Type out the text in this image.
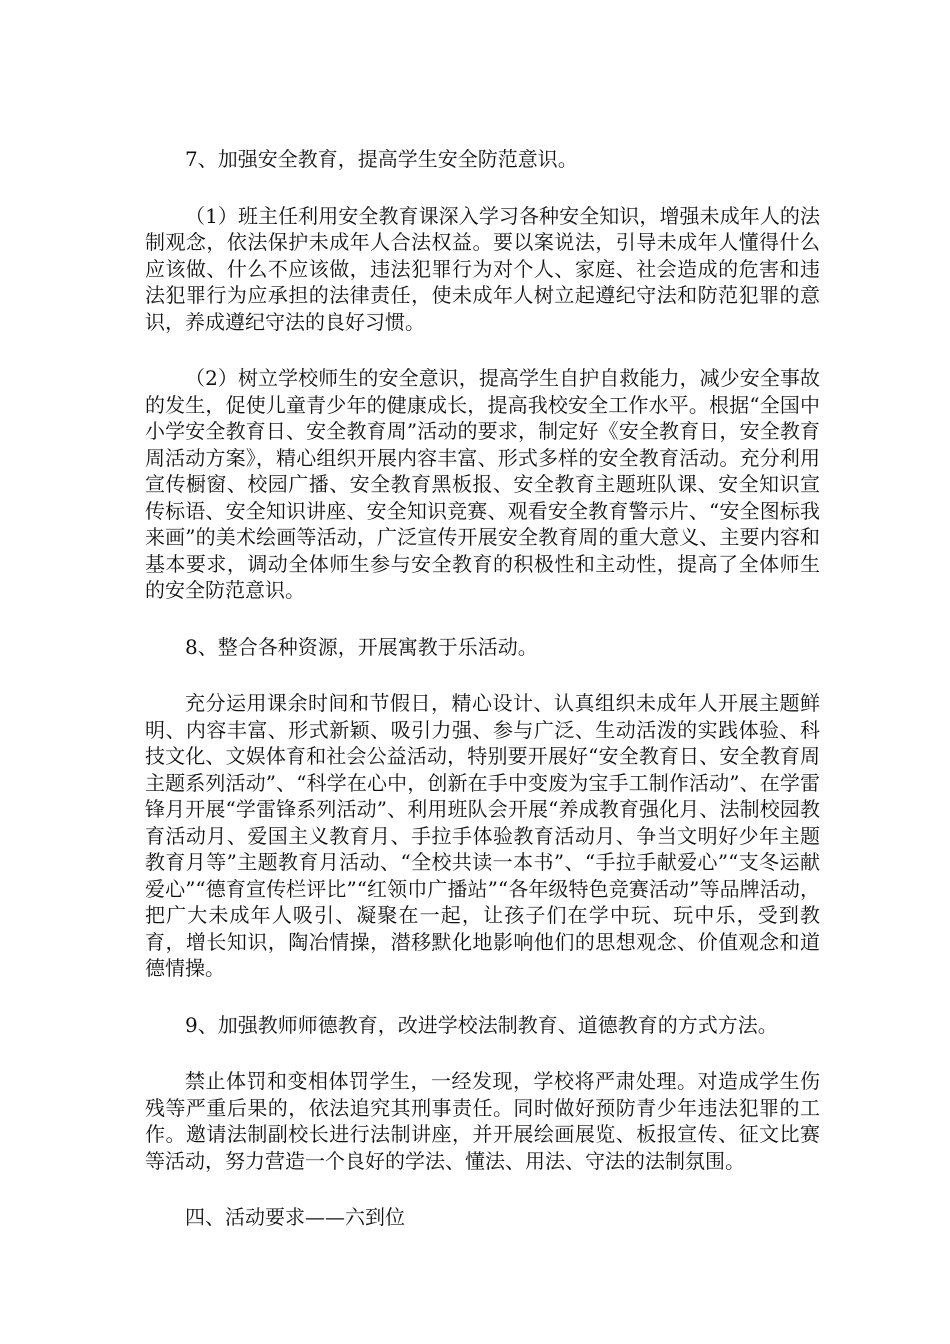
7、加强安全教育，提高学生安全防范意识。

（1）班主任利用安全教育课深入学习各种安全知识，增强未成年人的法制观念，依法保护未成年人合法权益。要以案说法，引导未成年人懂得什么应该做、什么不应该做，违法犯罪行为对个人、家庭、社会造成的危害和违法犯罪行为应承担的法律责任，使未成年人树立起遵纪守法和防范犯罪的意识，养成遵纪守法的良好习惯。

（2）树立学校师生的安全意识，提高学生自护自救能力，减少安全事故的发生，促使儿童青少年的健康成长，提高我校安全工作水平。根据“全国中小学安全教育日、安全教育周”活动的要求，制定好《安全教育日，安全教育周活动方案》，精心组织开展内容丰富、形式多样的安全教育活动。充分利用宣传橱窗、校园广播、安全教育黑板报、安全教育主题班队课、安全知识宣传标语、安全知识讲座、安全知识竞赛、观看安全教育警示片、“安全图标我来画”的美术绘画等活动，广泛宣传开展安全教育周的重大意义、主要内容和基本要求，调动全体师生参与安全教育的积极性和主动性，提高了全体师生的安全防范意识。

8、整合各种资源，开展寓教于乐活动。

充分运用课余时间和节假日，精心设计、认真组织未成年人开展主题鲜明、内容丰富、形式新颖、吸引力强、参与广泛、生动活泼的实践体验、科技文化、文娱体育和社会公益活动，特别要开展好“安全教育日、安全教育周主题系列活动”、“科学在心中，创新在手中变废为宝手工制作活动”、在学雷锋月开展“学雷锋系列活动”、利用班队会开展“养成教育强化月、法制校园教育活动月、爱国主义教育月、手拉手体验教育活动月、争当文明好少年主题教育月等”主题教育月活动、“全校共读一本书”、“手拉手献爱心”“支冬运献爱心”“德育宣传栏评比”“红领巾广播站”“各年级特色竞赛活动”等品牌活动，把广大未成年人吸引、凝聚在一起，让孩子们在学中玩、玩中乐，受到教育，增长知识，陶冶情操，潜移默化地影响他们的思想观念、价值观念和道德情操。

9、加强教师师德教育，改进学校法制教育、道德教育的方式方法。

禁止体罚和变相体罚学生，一经发现，学校将严肃处理。对造成学生伤残等严重后果的，依法追究其刑事责任。同时做好预防青少年违法犯罪的工作。邀请法制副校长进行法制讲座，并开展绘画展览、板报宣传、征文比赛等活动，努力营造一个良好的学法、懂法、用法、守法的法制氛围。

四、活动要求——六到位
